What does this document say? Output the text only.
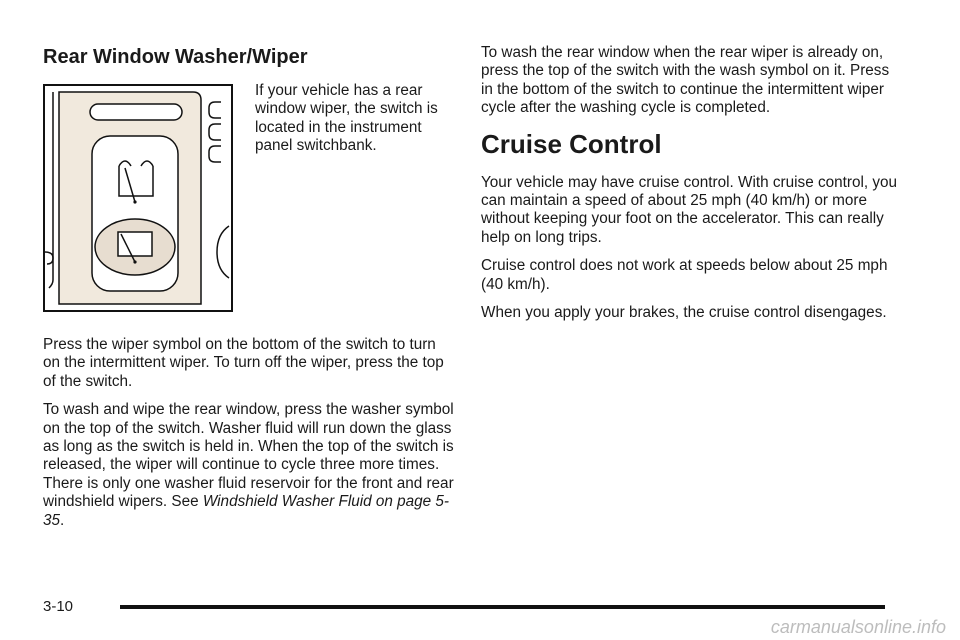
Rear Window Washer/Wiper

If your vehicle has a rear window wiper, the switch is located in the instrument panel switchbank.

Press the wiper symbol on the bottom of the switch to turn on the intermittent wiper. To turn off the wiper, press the top of the switch.

To wash and wipe the rear window, press the washer symbol on the top of the switch. Washer fluid will run down the glass as long as the switch is held in. When the top of the switch is released, the wiper will continue to cycle three more times. There is only one washer fluid reservoir for the front and rear windshield wipers. See Windshield Washer Fluid on page 5-35.

To wash the rear window when the rear wiper is already on, press the top of the switch with the wash symbol on it. Press in the bottom of the switch to continue the intermittent wiper cycle after the washing cycle is completed.

Cruise Control

Your vehicle may have cruise control. With cruise control, you can maintain a speed of about 25 mph (40 km/h) or more without keeping your foot on the accelerator. This can really help on long trips.

Cruise control does not work at speeds below about 25 mph (40 km/h).

When you apply your brakes, the cruise control disengages.

3-10
carmanualsonline.info
